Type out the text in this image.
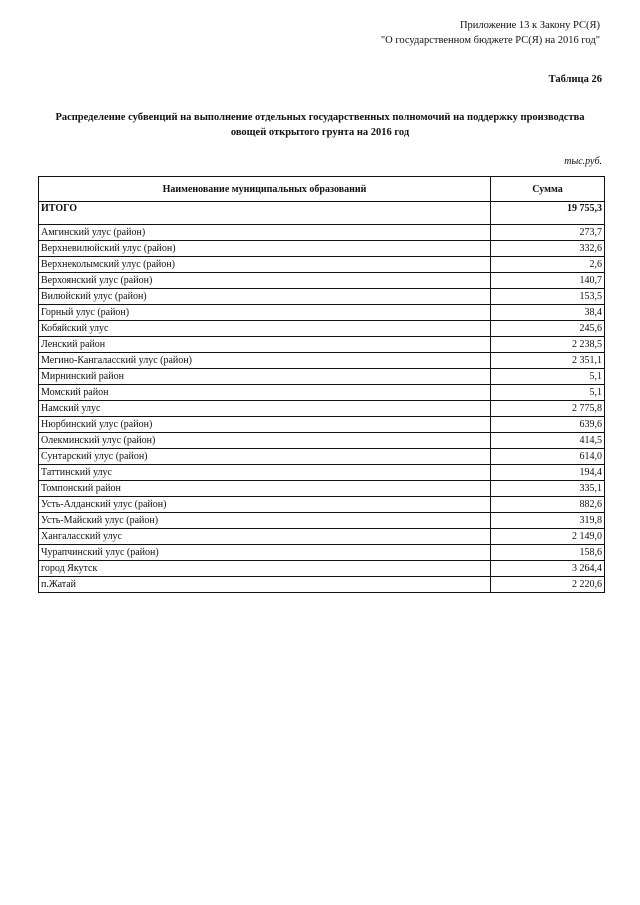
Приложение 13 к Закону РС(Я)
"О государственном бюджете РС(Я) на 2016 год"
Таблица 26
Распределение субвенций на выполнение отдельных государственных полномочий на поддержку производства
овощей открытого грунта на 2016 год
тыс.руб.
Наименование муниципальных образований	Сумма
ИТОГО	19 755,3
Амгинский улус (район)	273,7
Верхневилюйский улус (район)	332,6
Верхнеколымский улус (район)	2,6
Верхоянский улус (район)	140,7
Вилюйский улус (район)	153,5
Горный улус (район)	38,4
Кобяйский улус	245,6
Ленский район	2 238,5
Мегино-Кангаласский улус (район)	2 351,1
Мирнинский район	5,1
Момский район	5,1
Намский улус	2 775,8
Нюрбинский улус (район)	639,6
Олекминский улус (район)	414,5
Сунтарский улус (район)	614,0
Таттинский улус	194,4
Томпонский район	335,1
Усть-Алданский улус (район)	882,6
Усть-Майский улус (район)	319,8
Хангаласский улус	2 149,0
Чурапчинский улус (район)	158,6
город Якутск	3 264,4
п.Жатай	2 220,6
